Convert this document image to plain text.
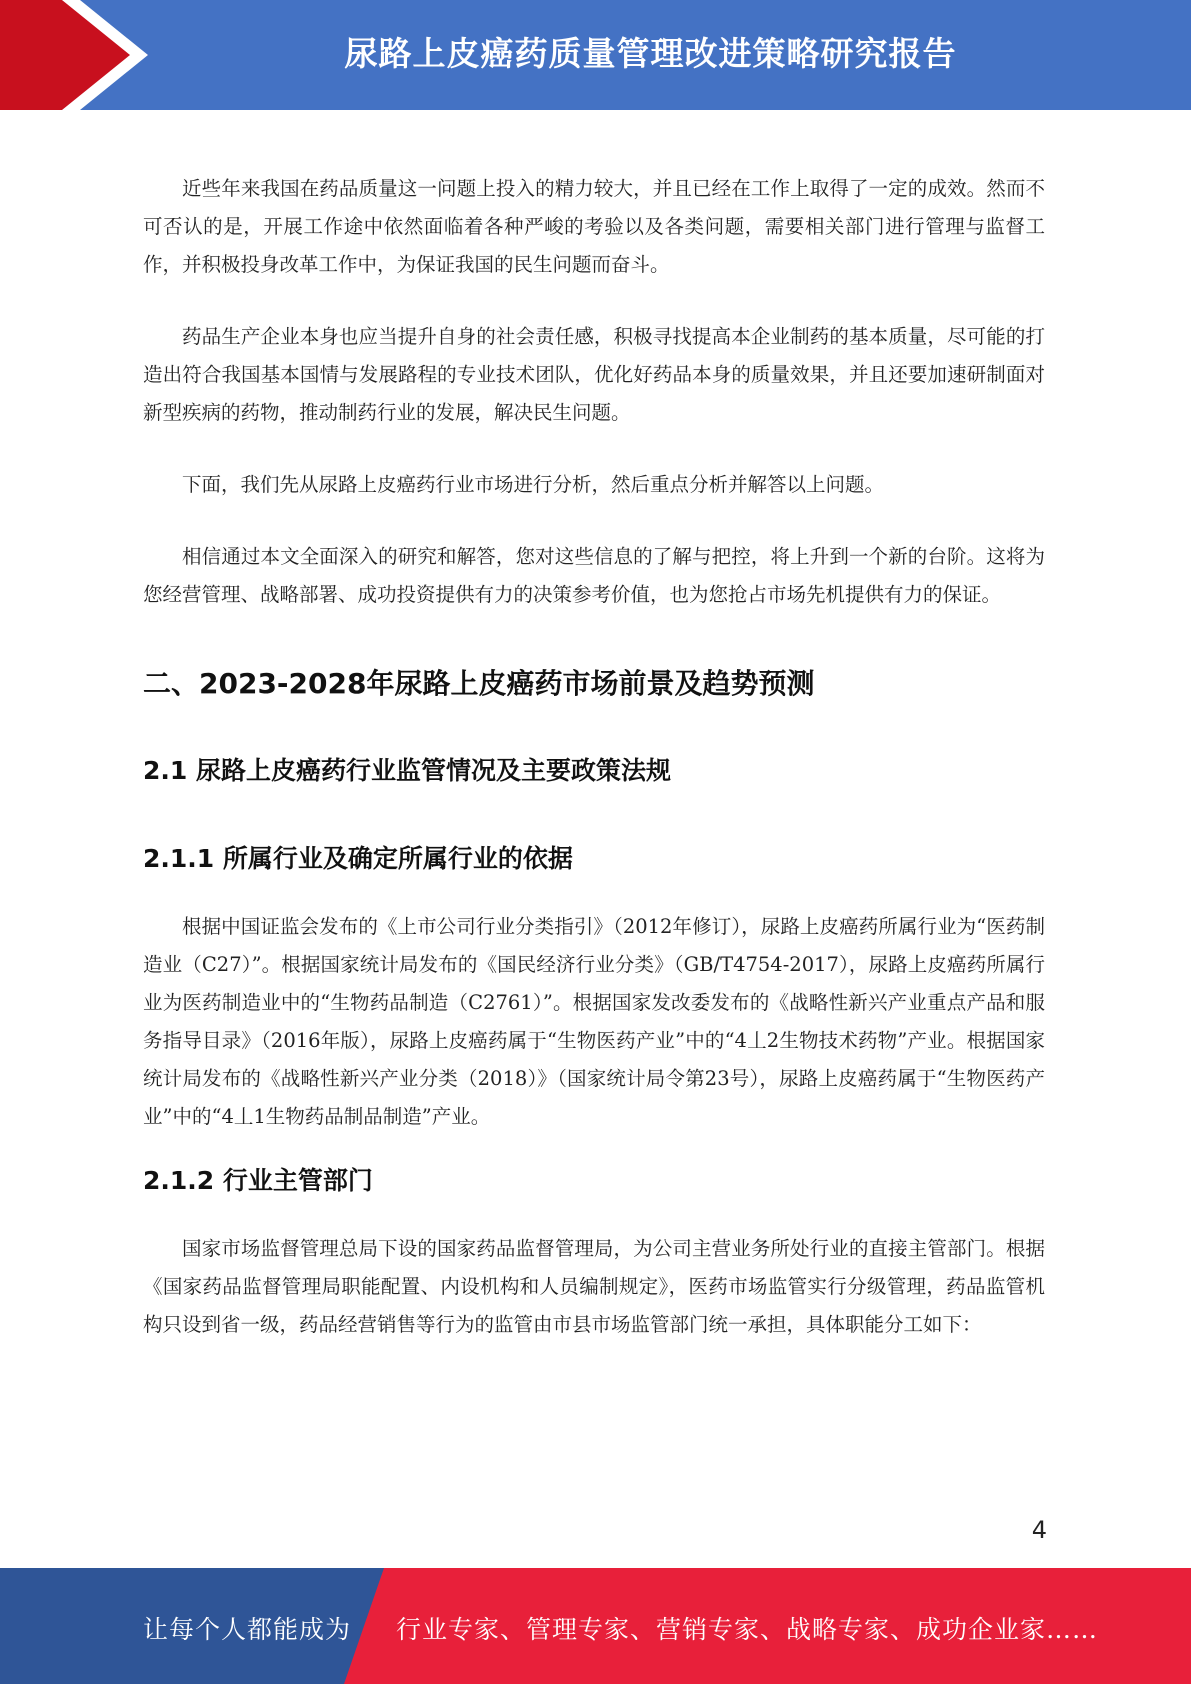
尿路上皮癌药质量管理改进策略研究报告

近些年来我国在药品质量这一问题上投入的精力较大，并且已经在工作上取得了一定的成效。然而不可否认的是，开展工作途中依然面临着各种严峻的考验以及各类问题，需要相关部门进行管理与监督工作，并积极投身改革工作中，为保证我国的民生问题而奋斗。

药品生产企业本身也应当提升自身的社会责任感，积极寻找提高本企业制药的基本质量，尽可能的打造出符合我国基本国情与发展路程的专业技术团队，优化好药品本身的质量效果，并且还要加速研制面对新型疾病的药物，推动制药行业的发展，解决民生问题。

下面，我们先从尿路上皮癌药行业市场进行分析，然后重点分析并解答以上问题。

相信通过本文全面深入的研究和解答，您对这些信息的了解与把控，将上升到一个新的台阶。这将为您经营管理、战略部署、成功投资提供有力的决策参考价值，也为您抢占市场先机提供有力的保证。

二、2023-2028年尿路上皮癌药市场前景及趋势预测
2.1 尿路上皮癌药行业监管情况及主要政策法规
2.1.1 所属行业及确定所属行业的依据

根据中国证监会发布的《上市公司行业分类指引》（2012年修订），尿路上皮癌药所属行业为“医药制造业（C27）”。根据国家统计局发布的《国民经济行业分类》（GB/T4754-2017），尿路上皮癌药所属行业为医药制造业中的“生物药品制造（C2761）”。根据国家发改委发布的《战略性新兴产业重点产品和服务指导目录》（2016年版），尿路上皮癌药属于“生物医药产业”中的“4丄2生物技术药物”产业。根据国家统计局发布的《战略性新兴产业分类（2018）》（国家统计局令第23号），尿路上皮癌药属于“生物医药产业”中的“4丄1生物药品制品制造”产业。

2.1.2 行业主管部门

国家市场监督管理总局下设的国家药品监督管理局，为公司主营业务所处行业的直接主管部门。根据《国家药品监督管理局职能配置、内设机构和人员编制规定》，医药市场监管实行分级管理，药品监管机构只设到省一级，药品经营销售等行为的监管由市县市场监管部门统一承担，具体职能分工如下：

4
让每个人都能成为 行业专家、管理专家、营销专家、战略专家、成功企业家……
